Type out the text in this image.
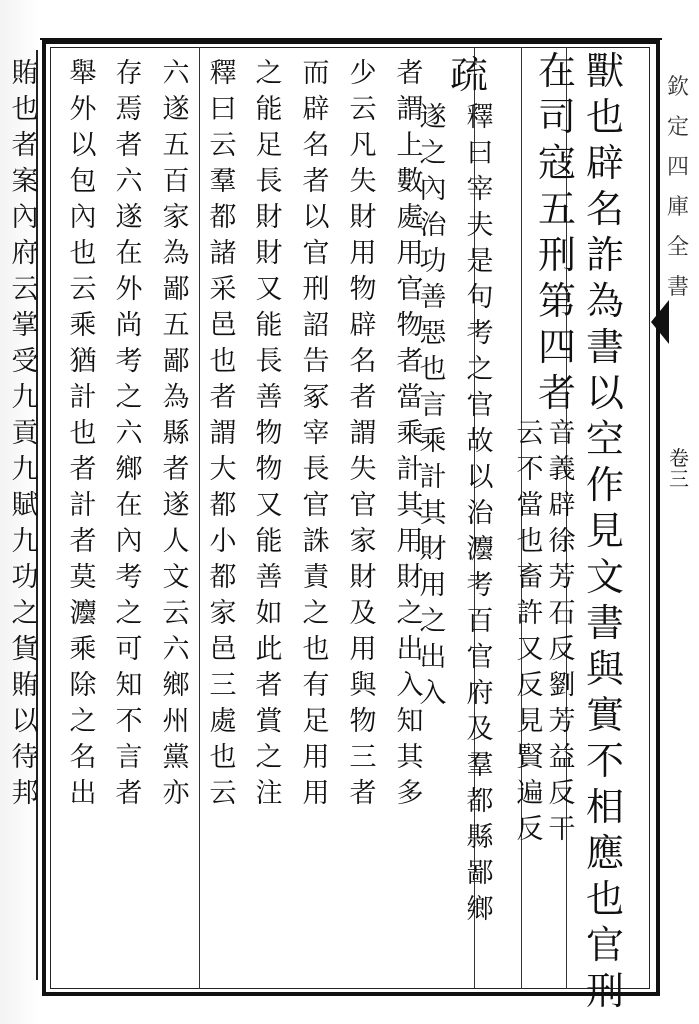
欽
定
四
庫
全
書
卷三
獸
也
辟
名
詐
為
書
以
空
作
見
文
書
與
實
不
相
應
也
官
刑
在
司
寇
五
刑
第
四
者
音
義
辟
徐
芳
石
反
劉
芳
益
反
干
云
不
當
也
畜
許
又
反
見
賢
遍
反
疏
釋
曰
宰
夫
是
句
考
之
官
故
以
治
灋
考
百
官
府
及
羣
都
縣
鄙
鄉
遂
之
內
治
功
善
惡
也
言
乘
計
其
財
用
之
出
入
者
謂
上
數
處
用
官
物
者
當
乘
計
其
用
財
之
出
入
知
其
多
少
云
凡
失
財
用
物
辟
名
者
謂
失
官
家
財
及
用
與
物
三
者
而
辟
名
者
以
官
刑
詔
告
冢
宰
長
官
誅
責
之
也
有
足
用
用
之
能
足
長
財
財
又
能
長
善
物
物
又
能
善
如
此
者
賞
之
注
釋
曰
云
羣
都
諸
采
邑
也
者
謂
大
都
小
都
家
邑
三
處
也
云
六
遂
五
百
家
為
鄙
五
鄙
為
縣
者
遂
人
文
云
六
鄉
州
黨
亦
存
焉
者
六
遂
在
外
尚
考
之
六
鄉
在
內
考
之
可
知
不
言
者
舉
外
以
包
內
也
云
乘
猶
計
也
者
計
者
莫
灋
乘
除
之
名
出
賄
也
者
案
內
府
云
掌
受
九
貢
九
賦
九
功
之
貨
賄
以
待
邦
